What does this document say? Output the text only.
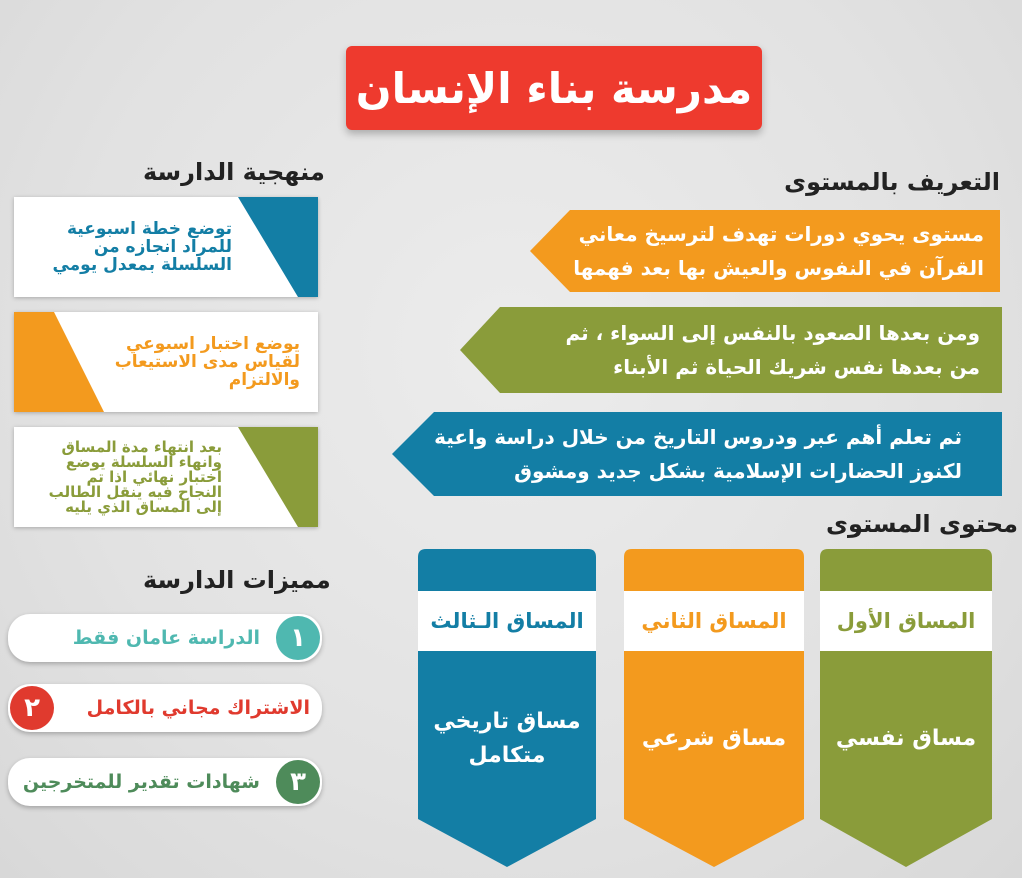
مدرسة بناء الإنسان
التعريف بالمستوى
مستوى يحوي دورات تهدف لترسيخ معاني
القرآن في النفوس والعيش بها بعد فهمها
ومن بعدها الصعود بالنفس إلى السواء ، ثم
من بعدها نفس شريك الحياة ثم الأبناء
ثم تعلم أهم عبر ودروس التاريخ من خلال دراسة واعية
لكنوز الحضارات الإسلامية بشكل جديد ومشوق
محتوى المستوى
المساق الأول
مساق نفسي
المساق الثاني
مساق شرعي
المساق الـثالث
مساق تاريخي
متكامل
منهجية الدارسة
توضع خطة اسبوعية
للمراد انجازه من
السلسلة بمعدل يومي
يوضع اختبار اسبوعي
لقياس مدى الاستيعاب
والالتزام
بعد انتهاء مدة المساق
وانهاء السلسلة يوضع
اختبار نهائي اذا تم
النجاح فيه ينقل الطالب
إلى المساق الذي يليه
مميزات الدارسة
١
الدراسة عامان فقط
٢	الاشتراك مجاني بالكامل
٣
شهادات تقدير للمتخرجين
